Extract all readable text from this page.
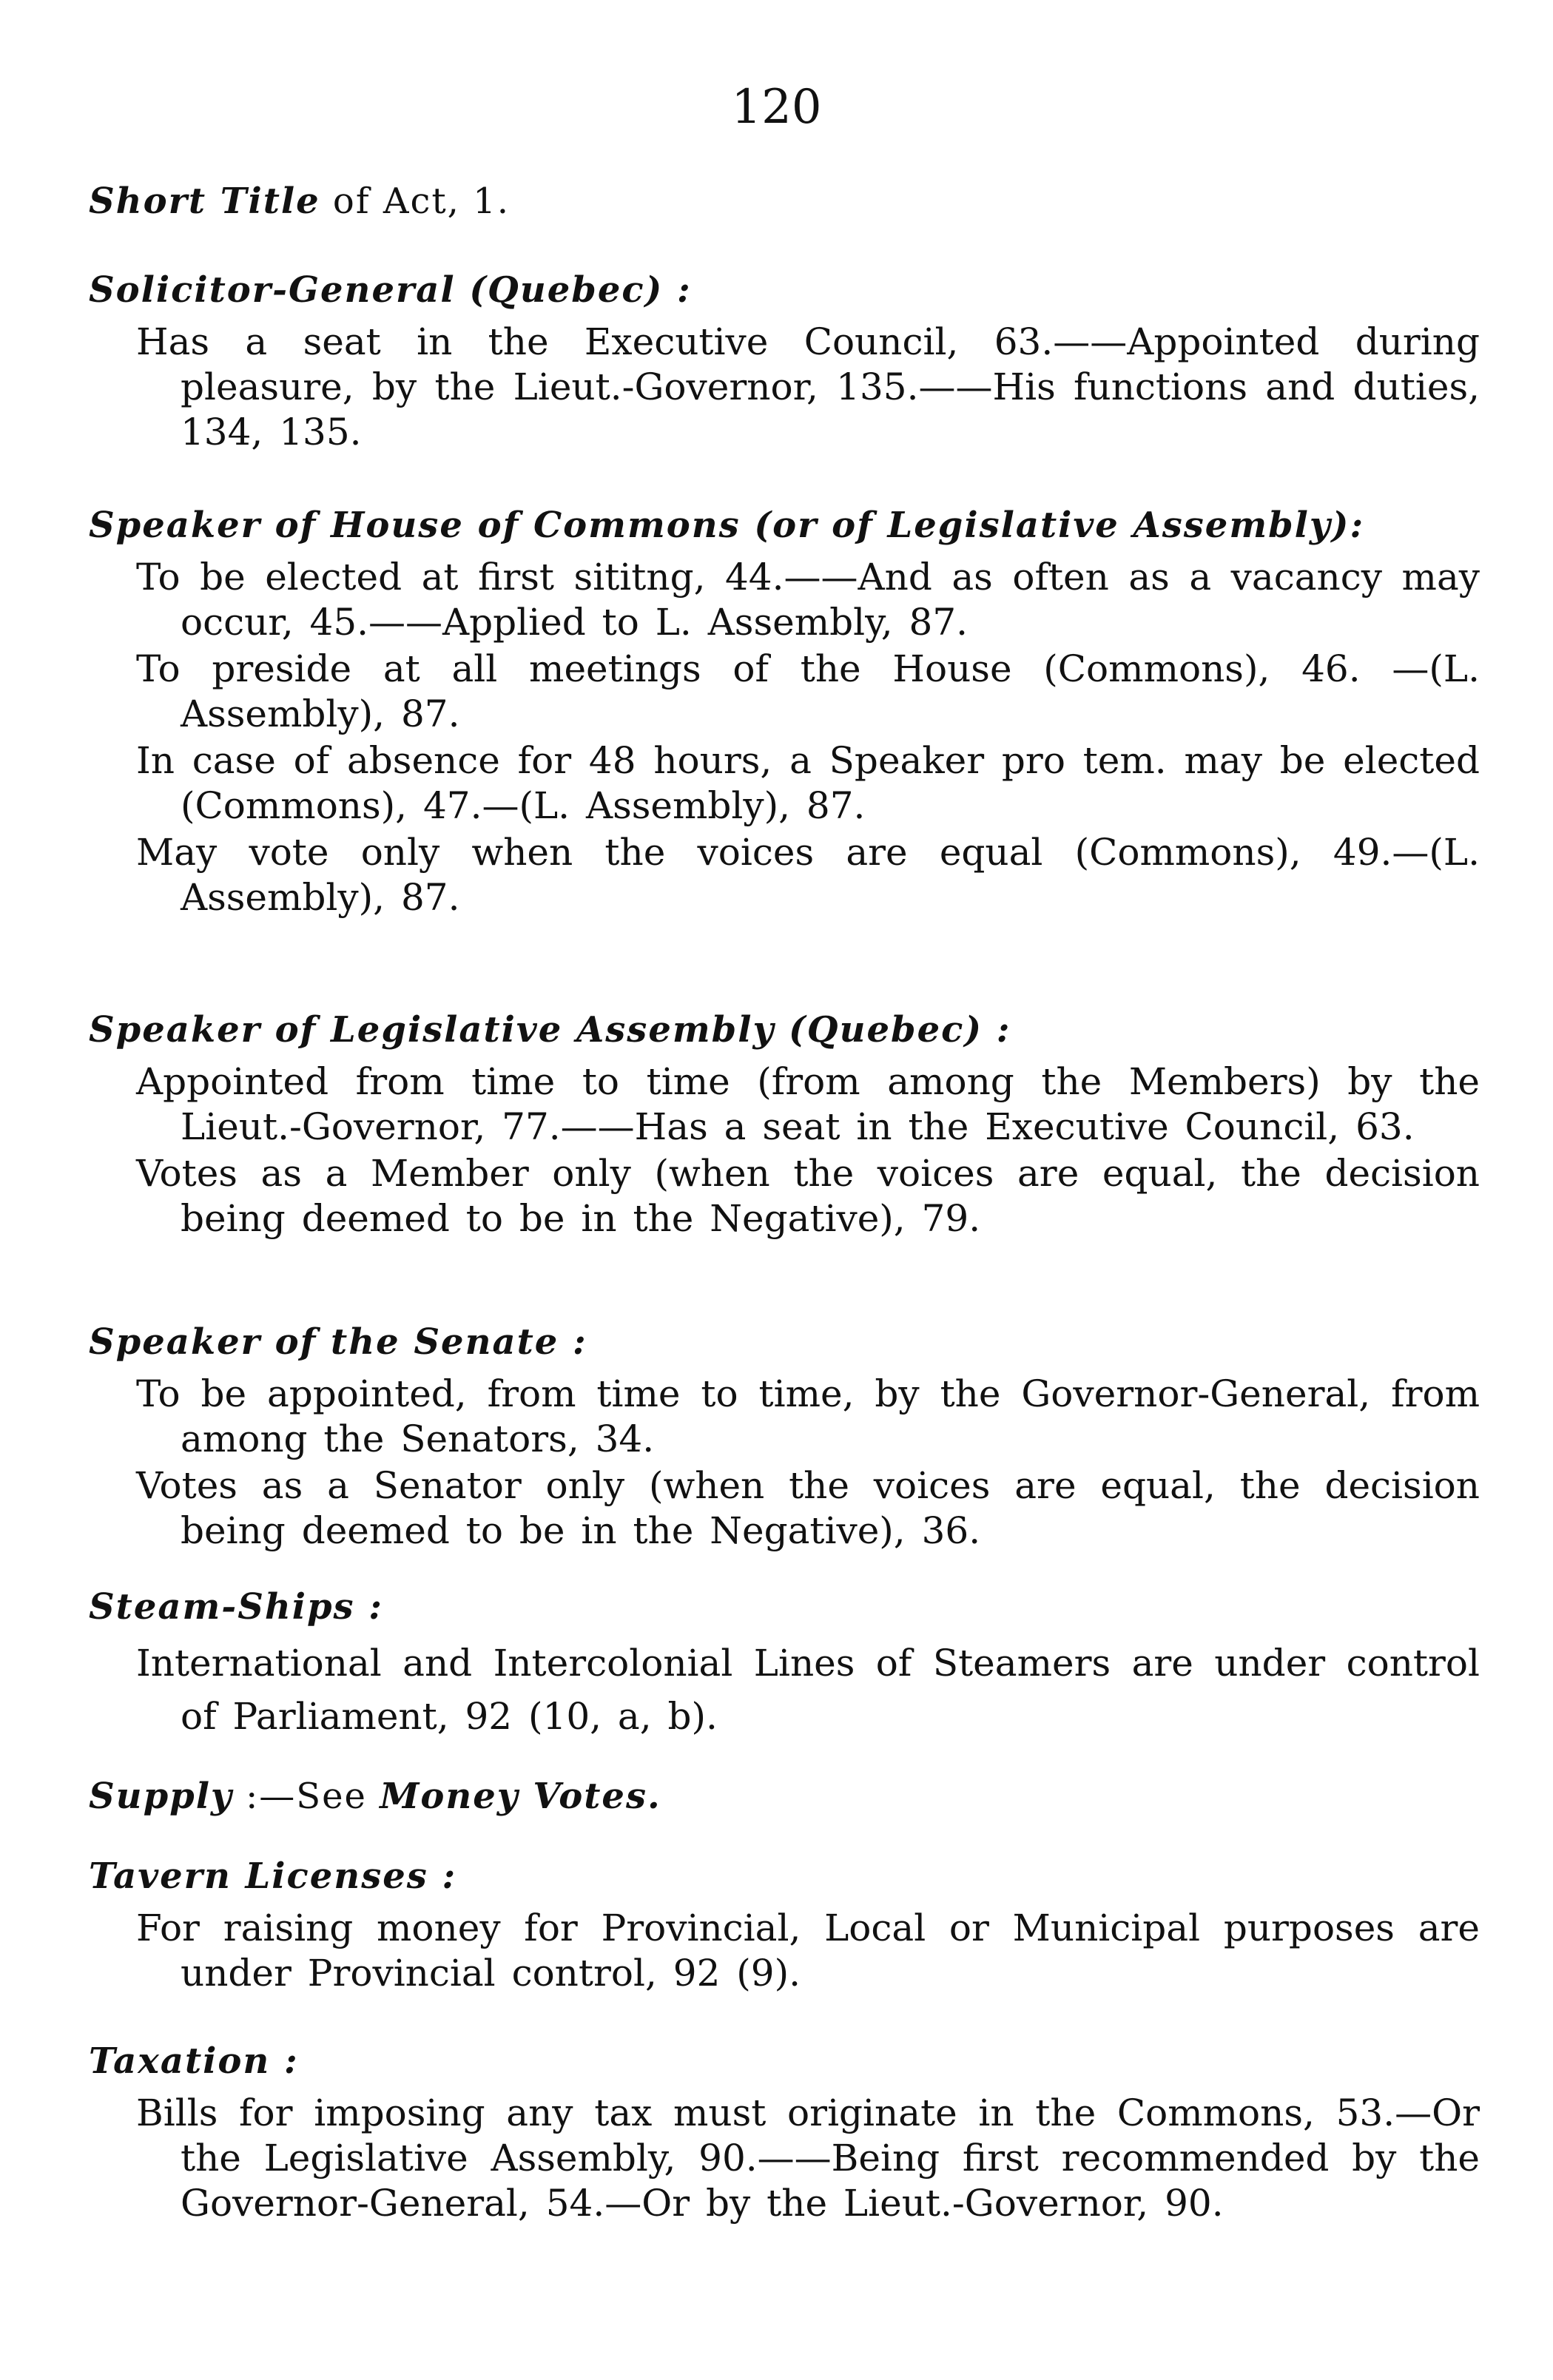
120
Short Title of Act, 1.
Solicitor-General (Quebec) :

Has a seat in the Executive Council, 63.——Appointed during pleasure, by the Lieut.-Governor, 135.——His functions and duties, 134, 135.

Speaker of House of Commons (or of Legislative Assembly):

To be elected at first sititng, 44.——And as often as a vacancy may occur, 45.——Applied to L. Assembly, 87.

To preside at all meetings of the House (Commons), 46. —(L. Assembly), 87.

In case of absence for 48 hours, a Speaker pro tem. may be elected (Commons), 47.—(L. Assembly), 87.

May vote only when the voices are equal (Commons), 49.—(L. Assembly), 87.

Speaker of Legislative Assembly (Quebec) :

Appointed from time to time (from among the Members) by the Lieut.-Governor, 77.——Has a seat in the Executive Council, 63.

Votes as a Member only (when the voices are equal, the decision being deemed to be in the Negative), 79.

Speaker of the Senate :

To be appointed, from time to time, by the Governor-General, from among the Senators, 34.

Votes as a Senator only (when the voices are equal, the decision being deemed to be in the Negative), 36.

Steam-Ships :

International and Intercolonial Lines of Steamers are under control of Parliament, 92 (10, a, b).

Supply :—See Money Votes.
Tavern Licenses :

For raising money for Provincial, Local or Municipal purposes are under Provincial control, 92 (9).

Taxation :

Bills for imposing any tax must originate in the Commons, 53.—Or the Legislative Assembly, 90.——Being first recommended by the Governor-General, 54.—Or by the Lieut.-Governor, 90.
